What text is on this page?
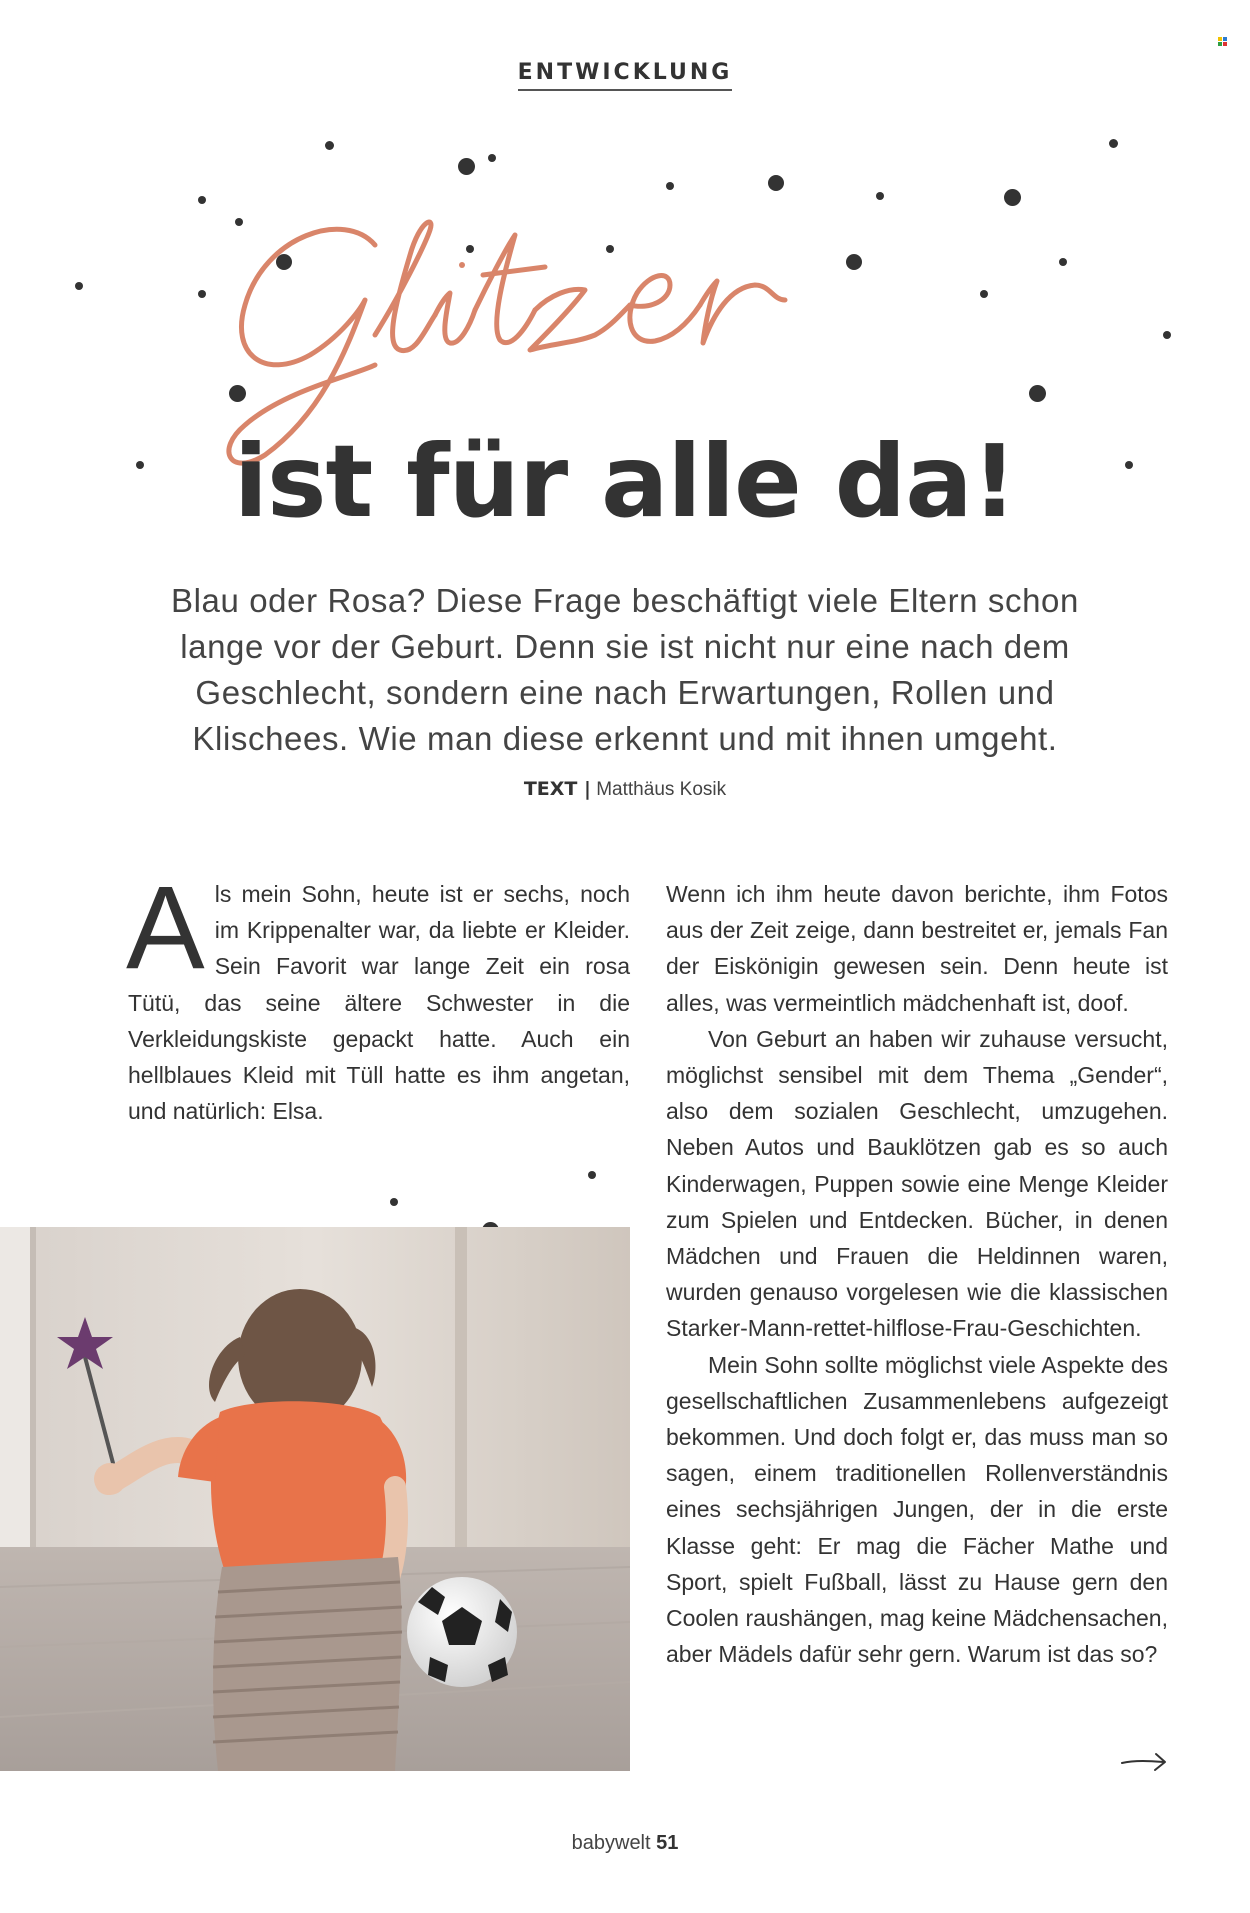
ENTWICKLUNG
ist für alle da!
Blau oder Rosa? Diese Frage beschäftigt viele Eltern schon lange vor der Geburt. Denn sie ist nicht nur eine nach dem Geschlecht, sondern eine nach Erwartungen, Rollen und Klischees. Wie man diese erkennt und mit ihnen umgeht.
TEXT | Matthäus Kosik

A ls mein Sohn, heute ist er sechs, noch im Krippenalter war, da liebte er Kleider. Sein Favorit war lange Zeit ein rosa Tütü, das seine ältere Schwester in die Verkleidungskiste gepackt hatte. Auch ein hellblaues Kleid mit Tüll hatte es ihm angetan, und natürlich: Elsa.

Wenn ich ihm heute davon berichte, ihm Fotos aus der Zeit zeige, dann bestreitet er, jemals Fan der Eiskönigin gewesen sein. Denn heute ist alles, was vermeintlich mädchenhaft ist, doof.

Von Geburt an haben wir zuhause versucht, möglichst sensibel mit dem Thema „Gender“, also dem sozialen Geschlecht, umzugehen. Neben Autos und Bauklötzen gab es so auch Kinderwagen, Puppen sowie eine Menge Kleider zum Spielen und Entdecken. Bücher, in denen Mädchen und Frauen die Heldinnen waren, wurden genauso vorgelesen wie die klassischen Starker-Mann-rettet-hilflose-Frau-Geschichten.

Mein Sohn sollte möglichst viele Aspekte des gesellschaftlichen Zusammenlebens aufgezeigt bekommen. Und doch folgt er, das muss man so sagen, einem traditionellen Rollenverständnis eines sechsjährigen Jungen, der in die erste Klasse geht: Er mag die Fächer Mathe und Sport, spielt Fußball, lässt zu Hause gern den Coolen raushängen, mag keine Mädchensachen, aber Mädels dafür sehr gern. Warum ist das so?

babywelt 51
